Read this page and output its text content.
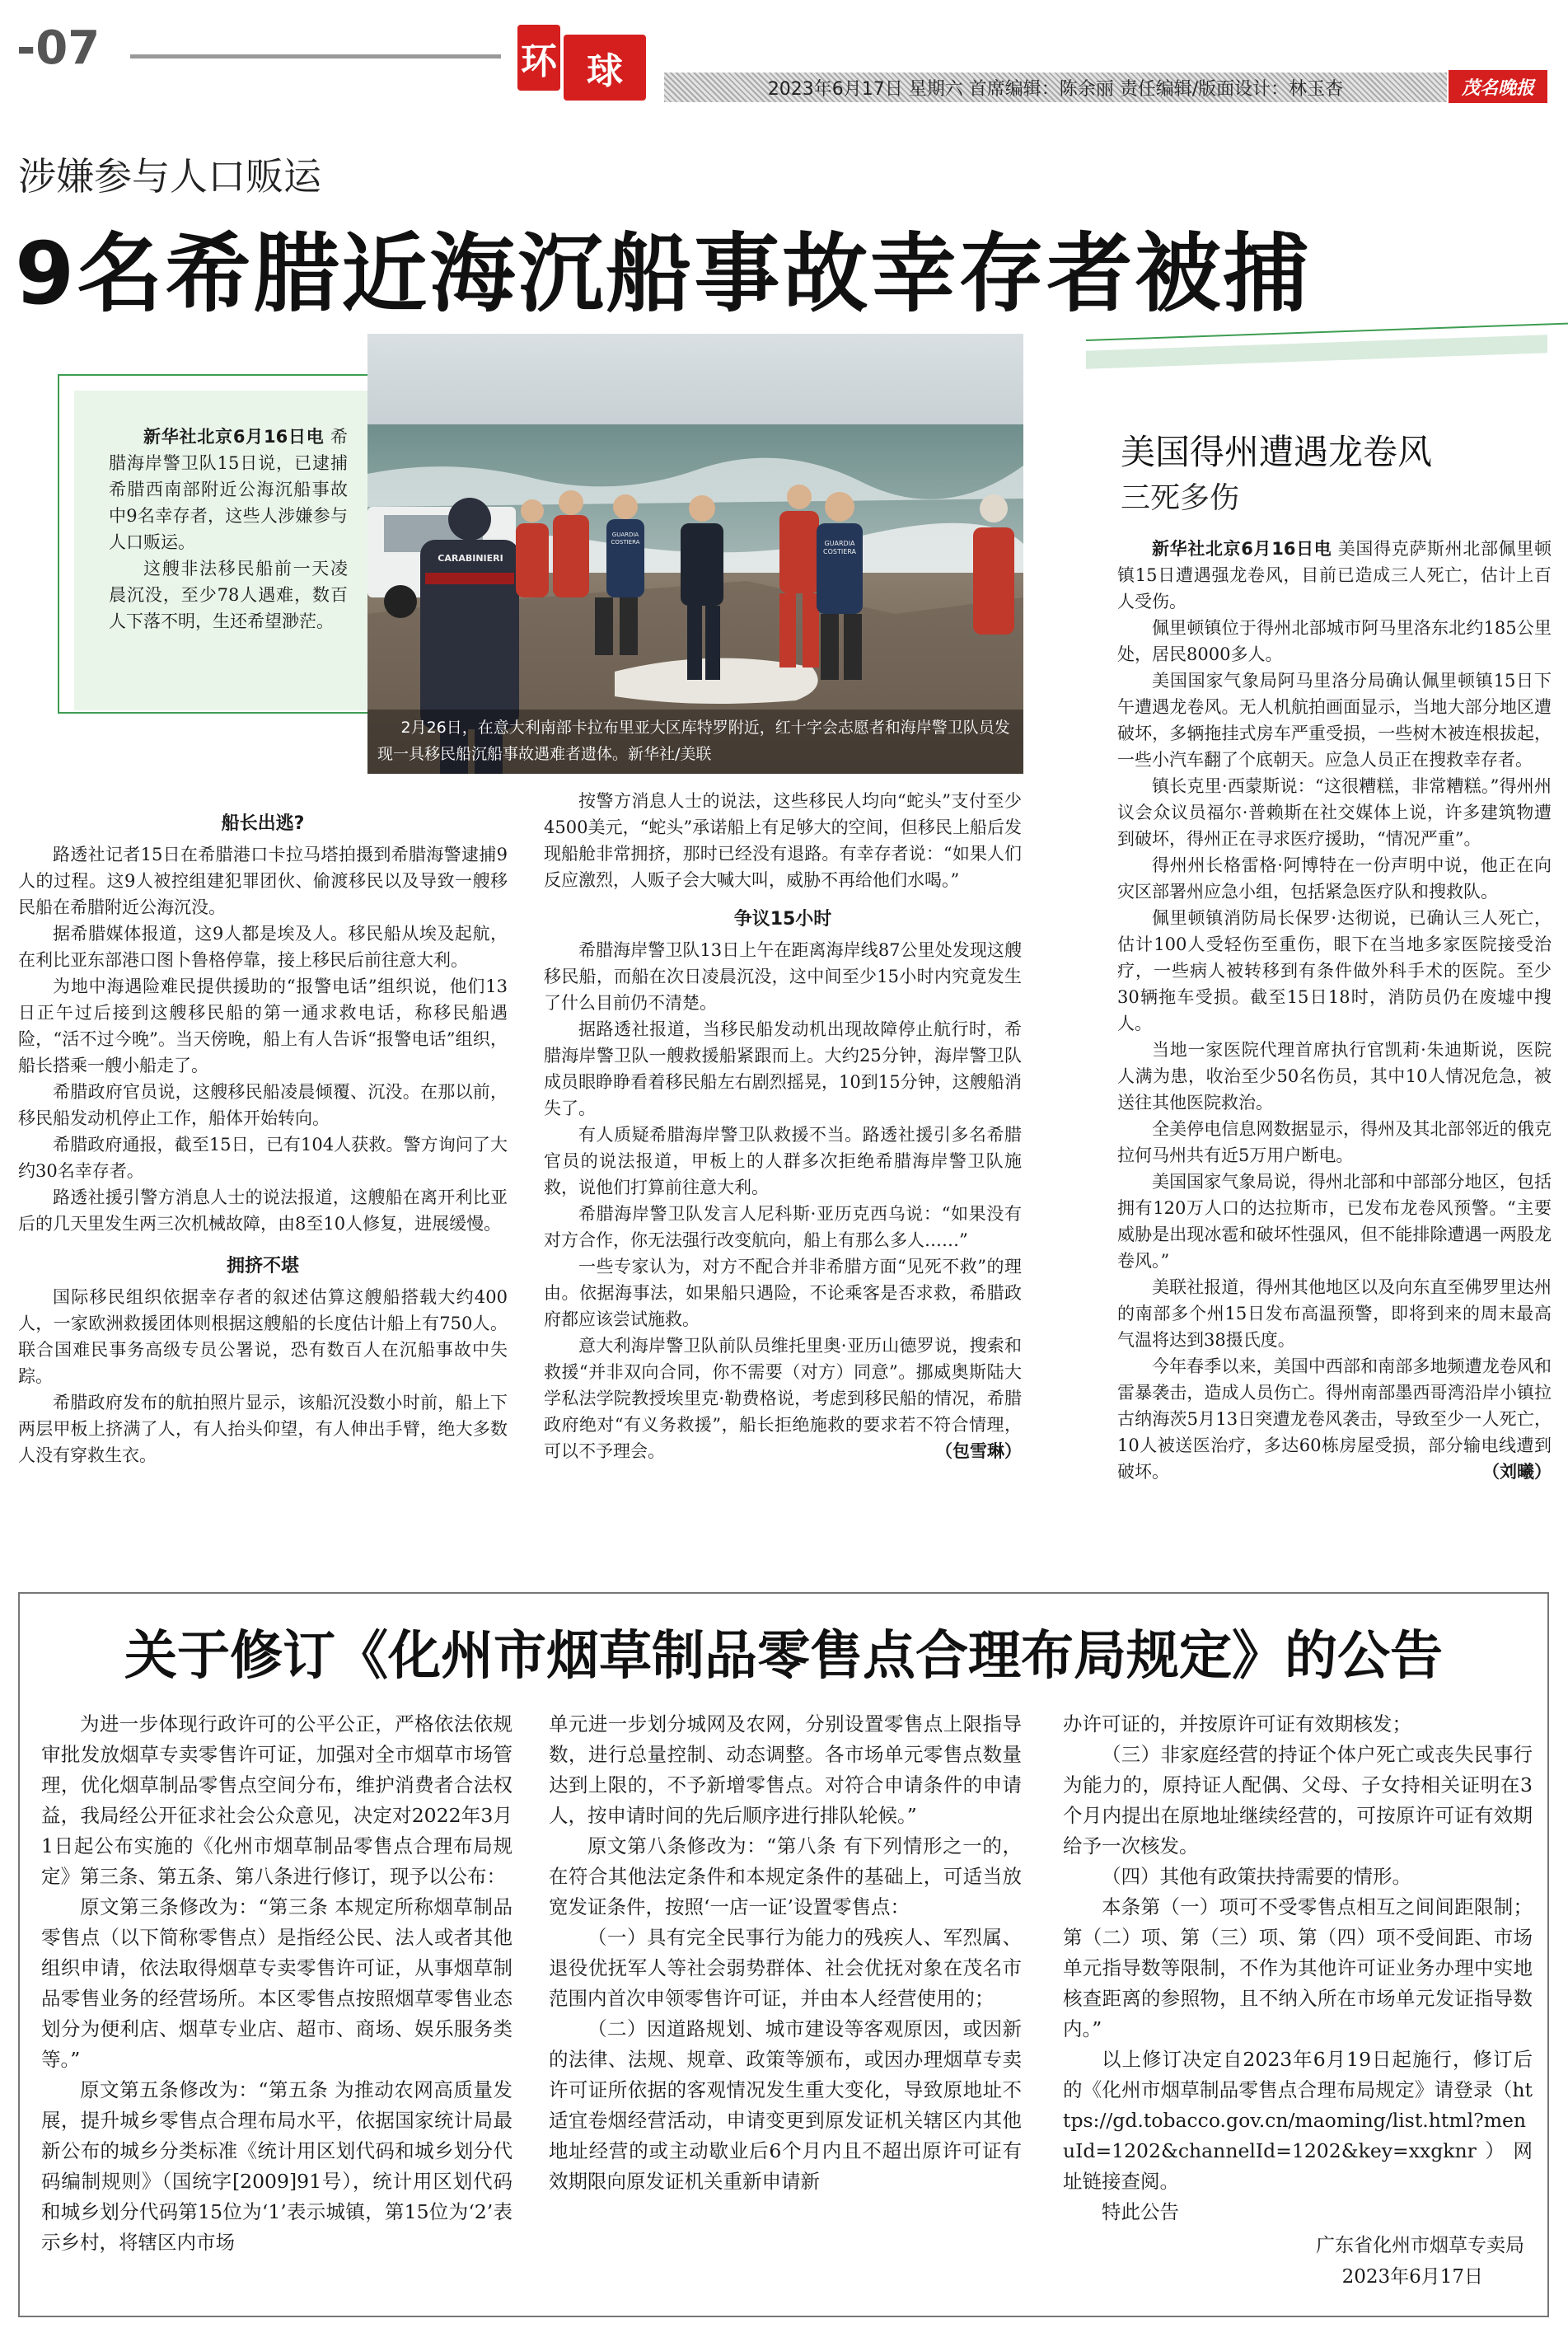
-07	环 球	2023年6月17日 星期六 首席编辑：陈余丽 责任编辑/版面设计：林玉杏	茂名晚报
涉嫌参与人口贩运
9名希腊近海沉船事故幸存者被捕

新华社北京6月16日电 希腊海岸警卫队15日说，已逮捕希腊西南部附近公海沉船事故中9名幸存者，这些人涉嫌参与人口贩运。

这艘非法移民船前一天凌晨沉没，至少78人遇难，数百人下落不明，生还希望渺茫。

CARABINIERI
GUARDIA COSTIERA	GUARDIA COSTIERA
2月26日，在意大利南部卡拉布里亚大区库特罗附近，红十字会志愿者和海岸警卫队员发现一具移民船沉船事故遇难者遗体。新华社/美联
船长出逃?

路透社记者15日在希腊港口卡拉马塔拍摄到希腊海警逮捕9人的过程。这9人被控组建犯罪团伙、偷渡移民以及导致一艘移民船在希腊附近公海沉没。

据希腊媒体报道，这9人都是埃及人。移民船从埃及起航，在利比亚东部港口图卜鲁格停靠，接上移民后前往意大利。

为地中海遇险难民提供援助的“报警电话”组织说，他们13日正午过后接到这艘移民船的第一通求救电话，称移民船遇险，“活不过今晚”。当天傍晚，船上有人告诉“报警电话”组织，船长搭乘一艘小船走了。

希腊政府官员说，这艘移民船凌晨倾覆、沉没。在那以前，移民船发动机停止工作，船体开始转向。

希腊政府通报，截至15日，已有104人获救。警方询问了大约30名幸存者。

路透社援引警方消息人士的说法报道，这艘船在离开利比亚后的几天里发生两三次机械故障，由8至10人修复，进展缓慢。

拥挤不堪

国际移民组织依据幸存者的叙述估算这艘船搭载大约400人，一家欧洲救援团体则根据这艘船的长度估计船上有750人。联合国难民事务高级专员公署说，恐有数百人在沉船事故中失踪。

希腊政府发布的航拍照片显示，该船沉没数小时前，船上下两层甲板上挤满了人，有人抬头仰望，有人伸出手臂，绝大多数人没有穿救生衣。

按警方消息人士的说法，这些移民人均向“蛇头”支付至少4500美元，“蛇头”承诺船上有足够大的空间，但移民上船后发现船舱非常拥挤，那时已经没有退路。有幸存者说：“如果人们反应激烈，人贩子会大喊大叫，威胁不再给他们水喝。”

争议15小时

希腊海岸警卫队13日上午在距离海岸线87公里处发现这艘移民船，而船在次日凌晨沉没，这中间至少15小时内究竟发生了什么目前仍不清楚。

据路透社报道，当移民船发动机出现故障停止航行时，希腊海岸警卫队一艘救援船紧跟而上。大约25分钟，海岸警卫队成员眼睁睁看着移民船左右剧烈摇晃，10到15分钟，这艘船消失了。

有人质疑希腊海岸警卫队救援不当。路透社援引多名希腊官员的说法报道，甲板上的人群多次拒绝希腊海岸警卫队施救，说他们打算前往意大利。

希腊海岸警卫队发言人尼科斯·亚历克西乌说：“如果没有对方合作，你无法强行改变航向，船上有那么多人……”

一些专家认为，对方不配合并非希腊方面“见死不救”的理由。依据海事法，如果船只遇险，不论乘客是否求救，希腊政府都应该尝试施救。

意大利海岸警卫队前队员维托里奥·亚历山德罗说，搜索和救援“并非双向合同，你不需要（对方）同意”。挪威奥斯陆大学私法学院教授埃里克·勒费格说，考虑到移民船的情况，希腊政府绝对“有义务救援”，船长拒绝施救的要求若不符合情理，可以不予理会。	（包雪琳）
美国得州遭遇龙卷风
三死多伤

新华社北京6月16日电 美国得克萨斯州北部佩里顿镇15日遭遇强龙卷风，目前已造成三人死亡，估计上百人受伤。

佩里顿镇位于得州北部城市阿马里洛东北约185公里处，居民8000多人。

美国国家气象局阿马里洛分局确认佩里顿镇15日下午遭遇龙卷风。无人机航拍画面显示，当地大部分地区遭破坏，多辆拖挂式房车严重受损，一些树木被连根拔起，一些小汽车翻了个底朝天。应急人员正在搜救幸存者。

镇长克里·西蒙斯说：“这很糟糕，非常糟糕。”得州州议会众议员福尔·普赖斯在社交媒体上说，许多建筑物遭到破坏，得州正在寻求医疗援助，“情况严重”。

得州州长格雷格·阿博特在一份声明中说，他正在向灾区部署州应急小组，包括紧急医疗队和搜救队。

佩里顿镇消防局长保罗·达彻说，已确认三人死亡，估计100人受轻伤至重伤，眼下在当地多家医院接受治疗，一些病人被转移到有条件做外科手术的医院。至少30辆拖车受损。截至15日18时，消防员仍在废墟中搜人。

当地一家医院代理首席执行官凯莉·朱迪斯说，医院人满为患，收治至少50名伤员，其中10人情况危急，被送往其他医院救治。

全美停电信息网数据显示，得州及其北部邻近的俄克拉何马州共有近5万用户断电。

美国国家气象局说，得州北部和中部部分地区，包括拥有120万人口的达拉斯市，已发布龙卷风预警。“主要威胁是出现冰雹和破坏性强风，但不能排除遭遇一两股龙卷风。”

美联社报道，得州其他地区以及向东直至佛罗里达州的南部多个州15日发布高温预警，即将到来的周末最高气温将达到38摄氏度。

今年春季以来，美国中西部和南部多地频遭龙卷风和雷暴袭击，造成人员伤亡。得州南部墨西哥湾沿岸小镇拉古纳海茨5月13日突遭龙卷风袭击，导致至少一人死亡，10人被送医治疗，多达60栋房屋受损，部分输电线遭到破坏。	（刘曦）
关于修订《化州市烟草制品零售点合理布局规定》的公告

为进一步体现行政许可的公平公正，严格依法依规审批发放烟草专卖零售许可证，加强对全市烟草市场管理，优化烟草制品零售点空间分布，维护消费者合法权益，我局经公开征求社会公众意见，决定对2022年3月1日起公布实施的《化州市烟草制品零售点合理布局规定》第三条、第五条、第八条进行修订，现予以公布：

原文第三条修改为：“第三条 本规定所称烟草制品零售点（以下简称零售点）是指经公民、法人或者其他组织申请，依法取得烟草专卖零售许可证，从事烟草制品零售业务的经营场所。本区零售点按照烟草零售业态划分为便利店、烟草专业店、超市、商场、娱乐服务类等。”

原文第五条修改为：“第五条 为推动农网高质量发展，提升城乡零售点合理布局水平，依据国家统计局最新公布的城乡分类标准《统计用区划代码和城乡划分代码编制规则》（国统字[2009]91号），统计用区划代码和城乡划分代码第15位为‘1’表示城镇，第15位为‘2’表示乡村，将辖区内市场

单元进一步划分城网及农网，分别设置零售点上限指导数，进行总量控制、动态调整。各市场单元零售点数量达到上限的，不予新增零售点。对符合申请条件的申请人，按申请时间的先后顺序进行排队轮候。”

原文第八条修改为：“第八条 有下列情形之一的，在符合其他法定条件和本规定条件的基础上，可适当放宽发证条件，按照‘一店一证’设置零售点：

（一）具有完全民事行为能力的残疾人、军烈属、退役优抚军人等社会弱势群体、社会优抚对象在茂名市范围内首次申领零售许可证，并由本人经营使用的；

（二）因道路规划、城市建设等客观原因，或因新的法律、法规、规章、政策等颁布，或因办理烟草专卖许可证所依据的客观情况发生重大变化，导致原地址不适宜卷烟经营活动，申请变更到原发证机关辖区内其他地址经营的或主动歇业后6个月内且不超出原许可证有效期限向原发证机关重新申请新

办许可证的，并按原许可证有效期核发；

（三）非家庭经营的持证个体户死亡或丧失民事行为能力的，原持证人配偶、父母、子女持相关证明在3个月内提出在原地址继续经营的，可按原许可证有效期给予一次核发。

（四）其他有政策扶持需要的情形。

本条第（一）项可不受零售点相互之间间距限制；第（二）项、第（三）项、第（四）项不受间距、市场单元指导数等限制，不作为其他许可证业务办理中实地核查距离的参照物，且不纳入所在市场单元发证指导数内。”

以上修订决定自2023年6月19日起施行，修订后的《化州市烟草制品零售点合理布局规定》请登录（https://gd.tobacco.gov.cn/maoming/list.html?menuId=1202&channelId=1202&key=xxgknr）网址链接查阅。

特此公告

广东省化州市烟草专卖局
2023年6月17日
